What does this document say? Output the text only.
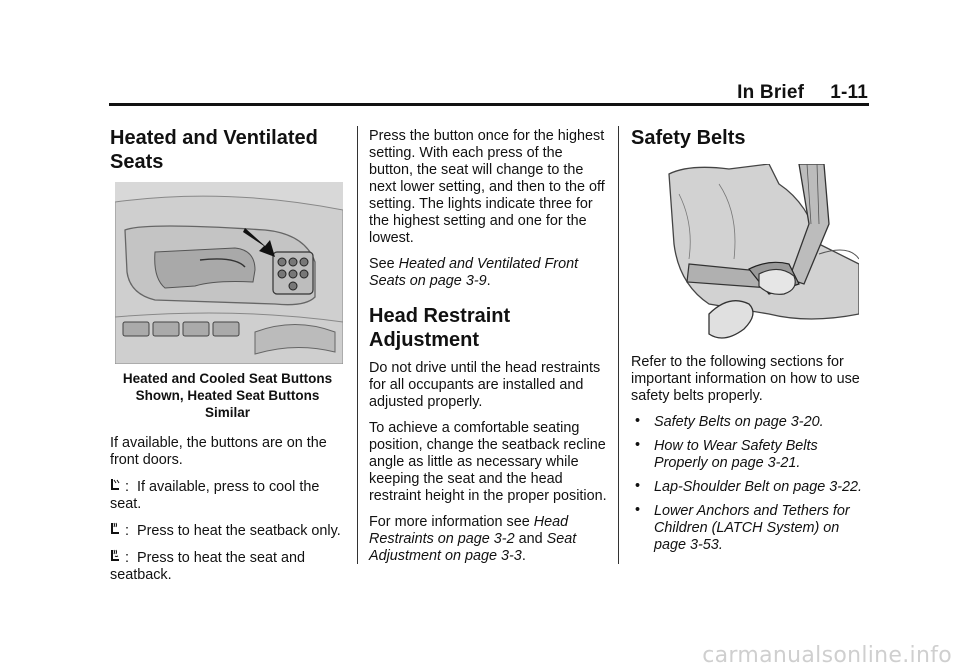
In Brief 1-11
Heated and Ventilated
Seats
Heated and Cooled Seat Buttons
Shown, Heated Seat Buttons
Similar

If available, the buttons are on the front doors.

: If available, press to cool the seat.

: Press to heat the seatback only.

: Press to heat the seat and seatback.

Press the button once for the highest setting. With each press of the button, the seat will change to the next lower setting, and then to the off setting. The lights indicate three for the highest setting and one for the lowest.

See Heated and Ventilated Front Seats on page 3-9.

Head Restraint
Adjustment

Do not drive until the head restraints for all occupants are installed and adjusted properly.

To achieve a comfortable seating position, change the seatback recline angle as little as necessary while keeping the seat and the head restraint height in the proper position.

For more information see Head Restraints on page 3-2 and Seat Adjustment on page 3-3.

Safety Belts

Refer to the following sections for important information on how to use safety belts properly.

• Safety Belts on page 3-20.
• How to Wear Safety Belts Properly on page 3-21.
• Lap-Shoulder Belt on page 3-22.
• Lower Anchors and Tethers for Children (LATCH System) on page 3-53.
carmanualsonline.info
